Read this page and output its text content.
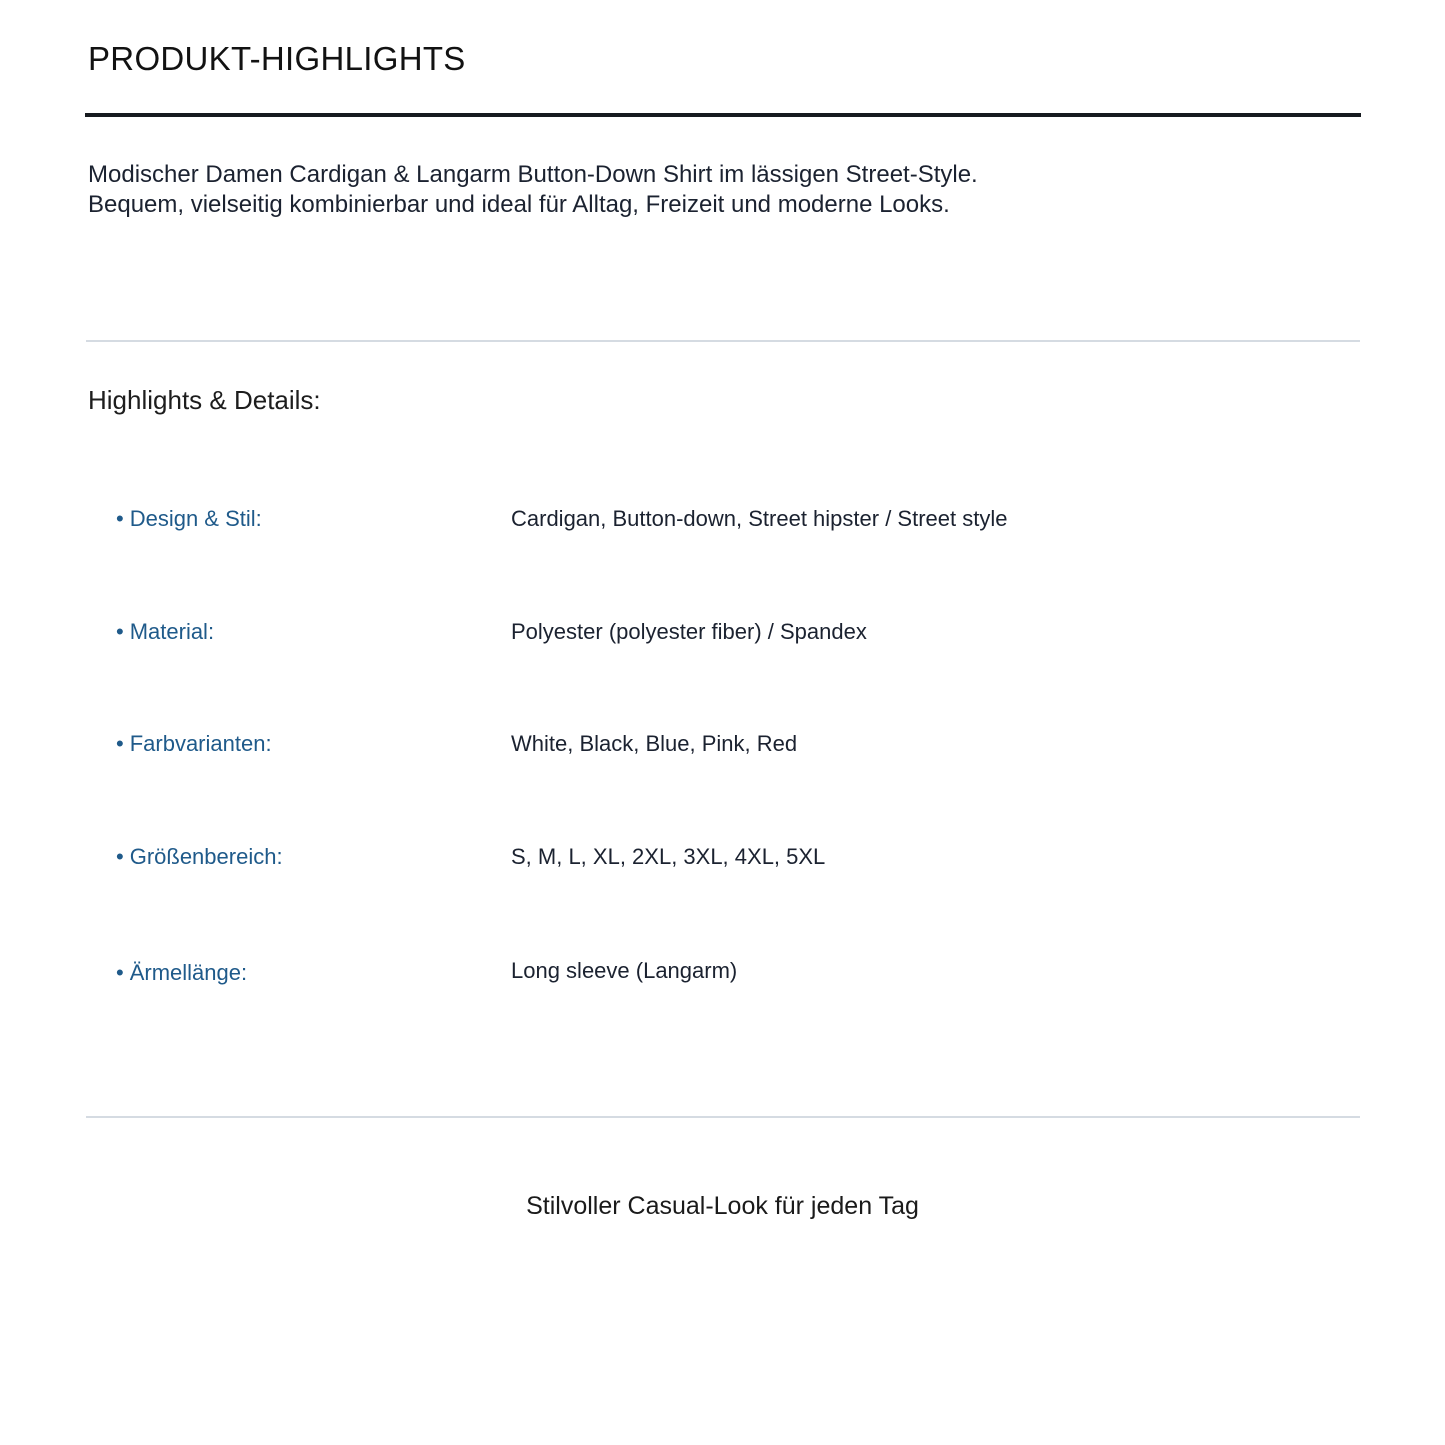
PRODUKT-HIGHLIGHTS

Modischer Damen Cardigan & Langarm Button-Down Shirt im lässigen Street-Style.

Bequem, vielseitig kombinierbar und ideal für Alltag, Freizeit und moderne Looks.

Highlights & Details:
• Design & Stil:	Cardigan, Button-down, Street hipster / Street style
• Material:	Polyester (polyester fiber) / Spandex
• Farbvarianten:	White, Black, Blue, Pink, Red
• Größenbereich:	S, M, L, XL, 2XL, 3XL, 4XL, 5XL
• Ärmellänge:	Long sleeve (Langarm)
Stilvoller Casual-Look für jeden Tag
